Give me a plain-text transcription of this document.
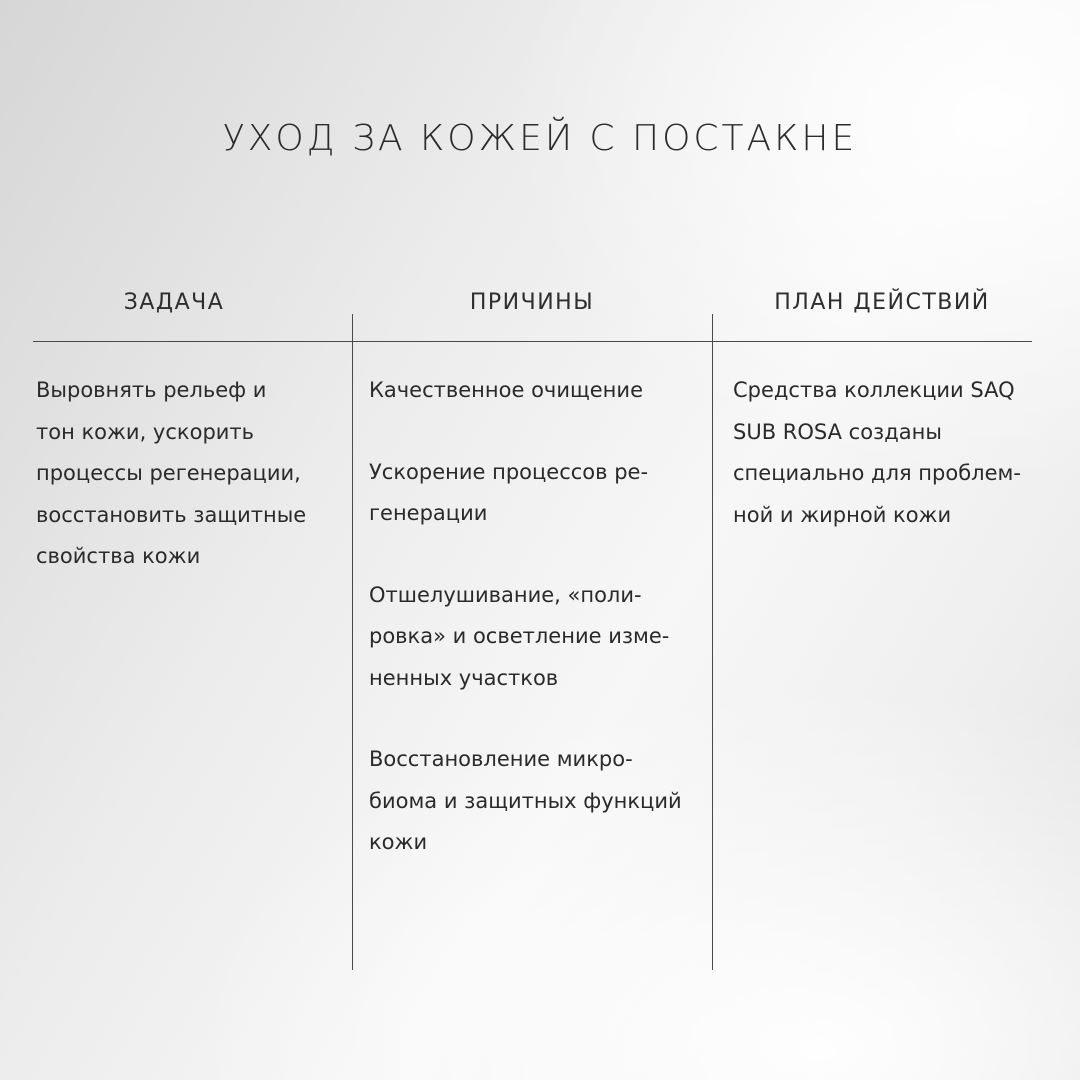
УХОД ЗА КОЖЕЙ С ПОСТАКНЕ
ЗАДАЧА	ПРИЧИНЫ	ПЛАН ДЕЙСТВИЙ

Выровнять рельеф и
тон кожи, ускорить
процессы регенерации,
восстановить защитные
свойства кожи

Качественное очищение

Ускорение процессов ре-
генерации

Отшелушивание, «поли-
ровка» и осветление изме-
ненных участков

Восстановление микро-
биома и защитных функций
кожи

Средства коллекции SAQ
SUB ROSA созданы
специально для проблем-
ной и жирной кожи
